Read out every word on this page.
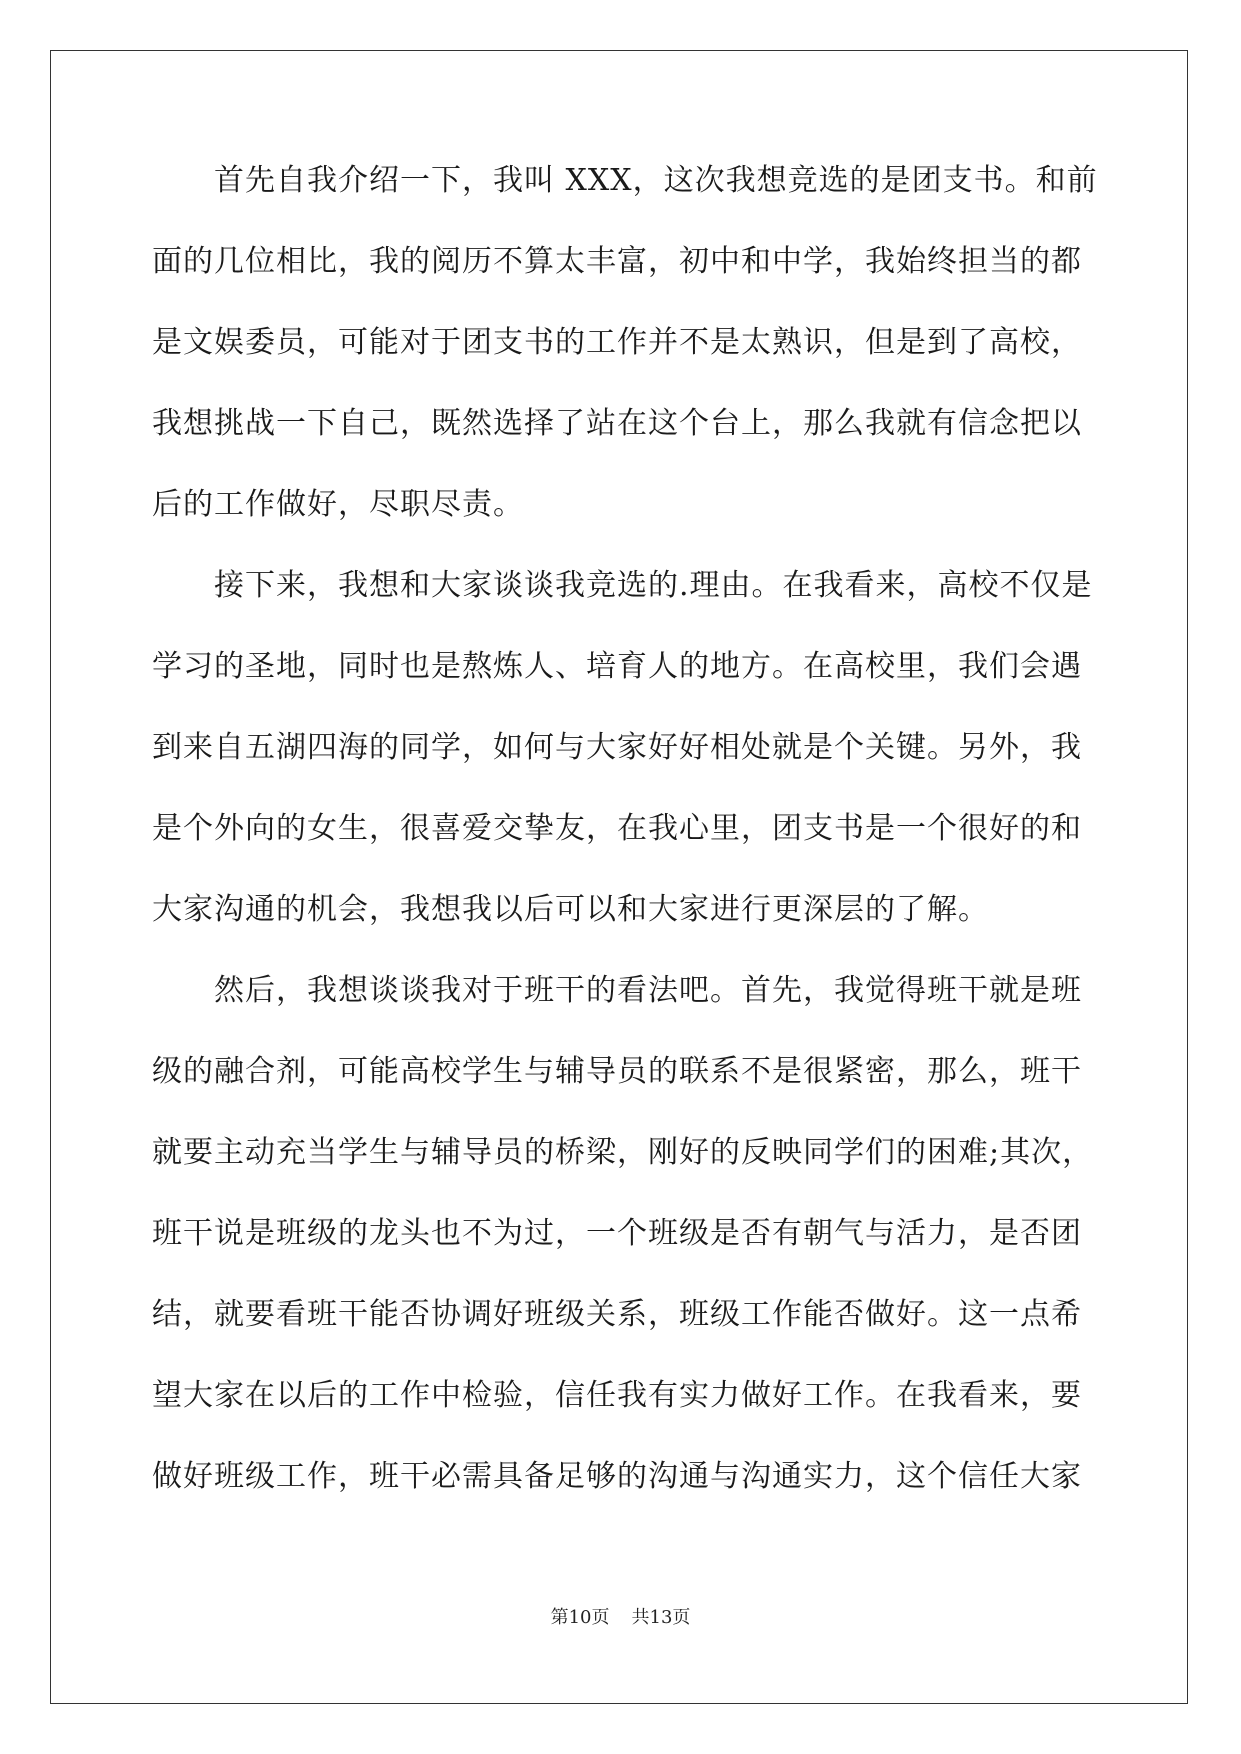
首先自我介绍一下，我叫 XXX，这次我想竞选的是团支书。和前
面的几位相比，我的阅历不算太丰富，初中和中学，我始终担当的都
是文娱委员，可能对于团支书的工作并不是太熟识，但是到了高校，
我想挑战一下自己，既然选择了站在这个台上，那么我就有信念把以
后的工作做好，尽职尽责。
接下来，我想和大家谈谈我竞选的.理由。在我看来，高校不仅是
学习的圣地，同时也是熬炼人、培育人的地方。在高校里，我们会遇
到来自五湖四海的同学，如何与大家好好相处就是个关键。另外，我
是个外向的女生，很喜爱交挚友，在我心里，团支书是一个很好的和
大家沟通的机会，我想我以后可以和大家进行更深层的了解。
然后，我想谈谈我对于班干的看法吧。首先，我觉得班干就是班
级的融合剂，可能高校学生与辅导员的联系不是很紧密，那么，班干
就要主动充当学生与辅导员的桥梁，刚好的反映同学们的困难;其次，
班干说是班级的龙头也不为过，一个班级是否有朝气与活力，是否团
结，就要看班干能否协调好班级关系，班级工作能否做好。这一点希
望大家在以后的工作中检验，信任我有实力做好工作。在我看来，要
做好班级工作，班干必需具备足够的沟通与沟通实力，这个信任大家
第10页 共13页
